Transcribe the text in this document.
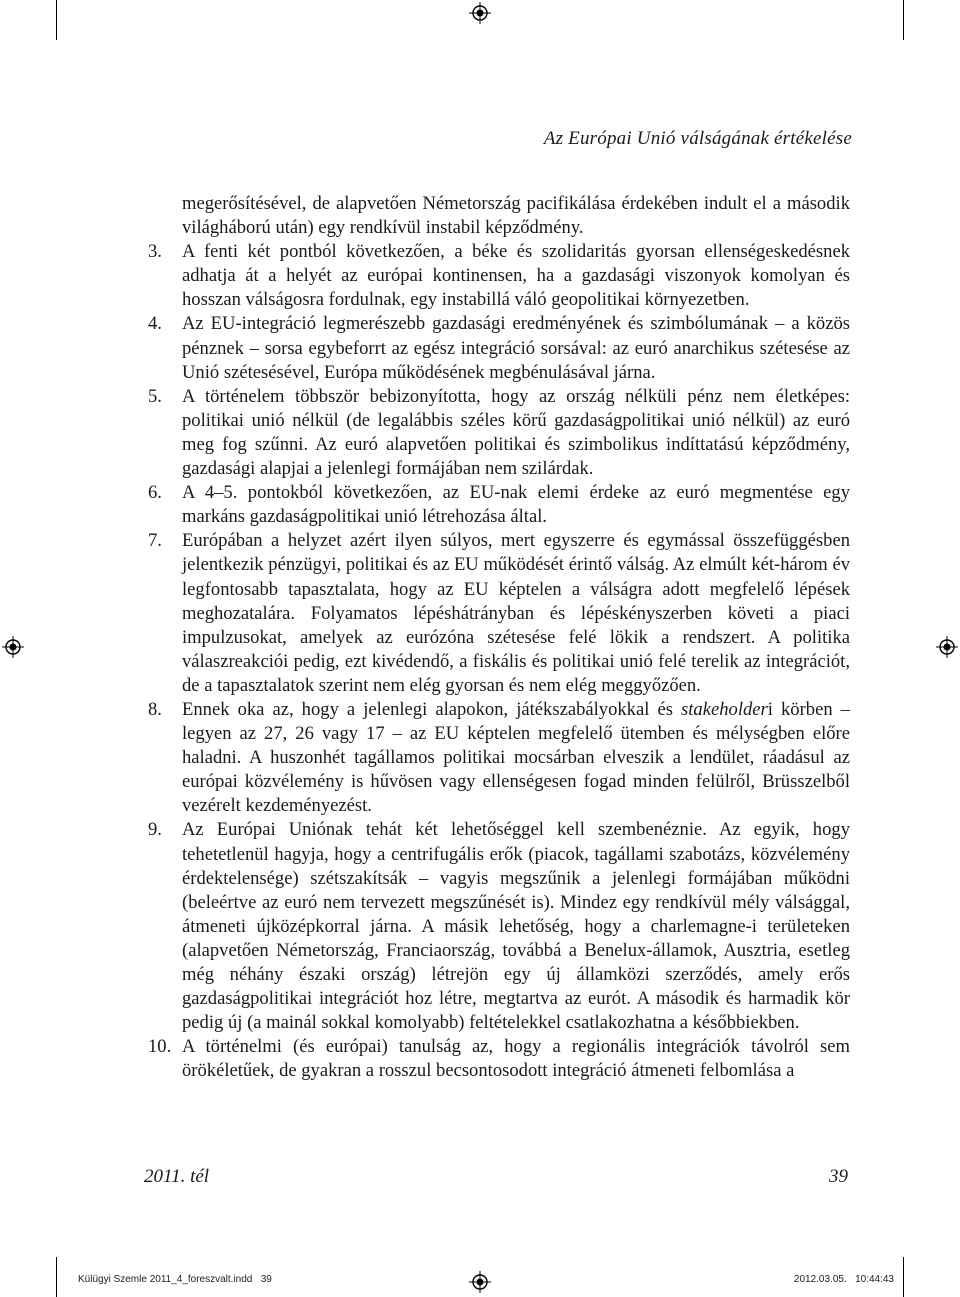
Az Európai Unió válságának értékelése

megerősítésével, de alapvetően Németország pacifikálása érdekében indult el a második világháború után) egy rendkívül instabil képződmény.

3.	A fenti két pontból következően, a béke és szolidaritás gyorsan ellenségeskedésnek adhatja át a helyét az európai kontinensen, ha a gazdasági viszonyok komolyan és hosszan válságosra fordulnak, egy instabillá váló geopolitikai környezetben.

4.	Az EU-integráció legmerészebb gazdasági eredményének és szimbólumának – a közös pénznek – sorsa egybeforrt az egész integráció sorsával: az euró anarchikus szétesése az Unió szétesésével, Európa működésének megbénulásával járna.

5.	A történelem többször bebizonyította, hogy az ország nélküli pénz nem életképes: politikai unió nélkül (de legalábbis széles körű gazdaságpolitikai unió nélkül) az euró meg fog szűnni. Az euró alapvetően politikai és szimbolikus indíttatású képződmény, gazdasági alapjai a jelenlegi formájában nem szilárdak.

6.	A 4–5. pontokból következően, az EU-nak elemi érdeke az euró megmentése egy markáns gazdaságpolitikai unió létrehozása által.

7.	Európában a helyzet azért ilyen súlyos, mert egyszerre és egymással összefüggésben jelentkezik pénzügyi, politikai és az EU működését érintő válság. Az elmúlt két-három év legfontosabb tapasztalata, hogy az EU képtelen a válságra adott megfelelő lépések meghozatalára. Folyamatos lépéshátrányban és lépéskényszerben követi a piaci impulzusokat, amelyek az eurózóna szétesése felé lökik a rendszert. A politika válaszreakciói pedig, ezt kivédendő, a fiskális és politikai unió felé terelik az integrációt, de a tapasztalatok szerint nem elég gyorsan és nem elég meggyőzően.

8.	Ennek oka az, hogy a jelenlegi alapokon, játékszabályokkal és stakeholderi körben – legyen az 27, 26 vagy 17 – az EU képtelen megfelelő ütemben és mélységben előre haladni. A huszonhét tagállamos politikai mocsárban elveszik a lendület, ráadásul az európai közvélemény is hűvösen vagy ellenségesen fogad minden felülről, Brüsszelből vezérelt kezdeményezést.

9.	Az Európai Uniónak tehát két lehetőséggel kell szembenéznie. Az egyik, hogy tehetetlenül hagyja, hogy a centrifugális erők (piacok, tagállami szabotázs, közvélemény érdektelensége) szétszakítsák – vagyis megszűnik a jelenlegi formájában működni (beleértve az euró nem tervezett megszűnését is). Mindez egy rendkívül mély válsággal, átmeneti újközépkorral járna. A másik lehetőség, hogy a charlemagne-i területeken (alapvetően Németország, Franciaország, továbbá a Benelux-államok, Ausztria, esetleg még néhány északi ország) létrejön egy új államközi szerződés, amely erős gazdaságpolitikai integrációt hoz létre, megtartva az eurót. A második és harmadik kör pedig új (a mainál sokkal komolyabb) feltételekkel csatlakozhatna a későbbiekben.

10. A történelmi (és európai) tanulság az, hogy a regionális integrációk távolról sem örökéletűek, de gyakran a rosszul becsontosodott integráció átmeneti felbomlása a

2011. tél	39
Külügyi Szemle 2011_4_foreszvalt.indd   39	2012.03.05.   10:44:43
